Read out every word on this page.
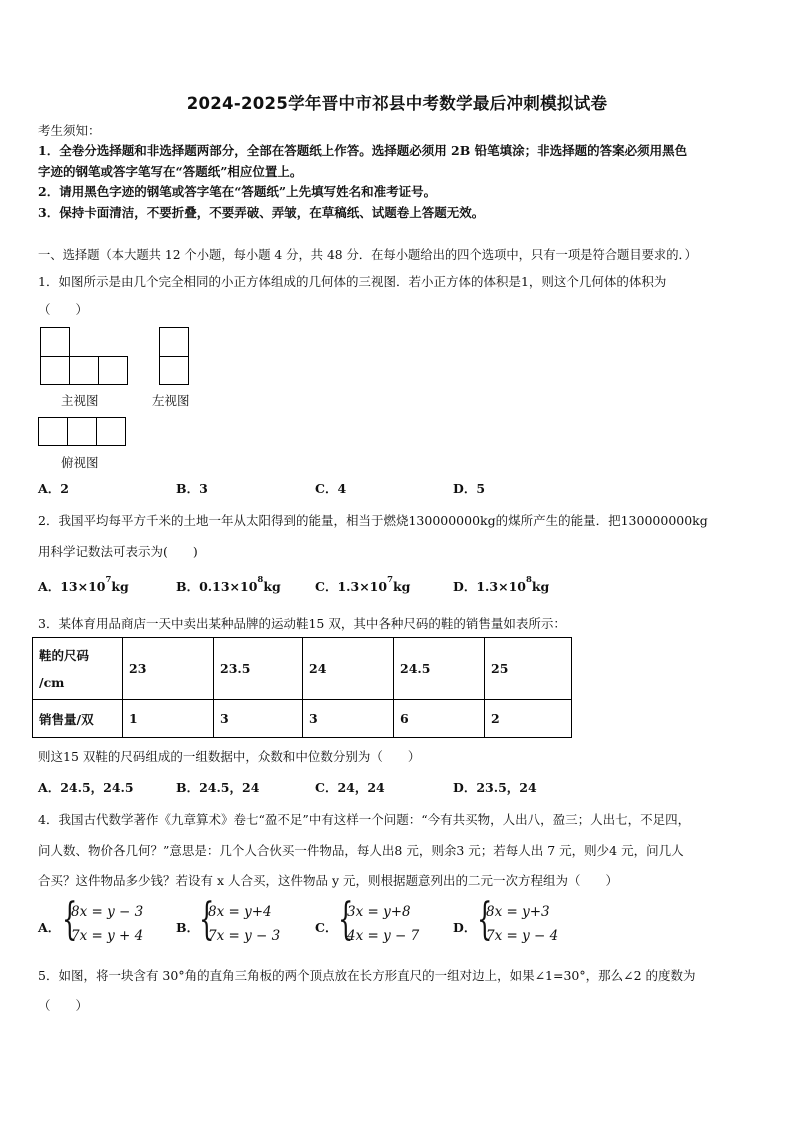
2024-2025学年晋中市祁县中考数学最后冲刺模拟试卷
考生须知：
1．全卷分选择题和非选择题两部分，全部在答题纸上作答。选择题必须用 2B 铅笔填涂；非选择题的答案必须用黑色
字迹的钢笔或答字笔写在“答题纸”相应位置上。
2．请用黑色字迹的钢笔或答字笔在“答题纸”上先填写姓名和准考证号。
3．保持卡面清洁，不要折叠，不要弄破、弄皱，在草稿纸、试题卷上答题无效。
一、选择题（本大题共 12 个小题，每小题 4 分，共 48 分．在每小题给出的四个选项中，只有一项是符合题目要求的．）
1．如图所示是由几个完全相同的小正方体组成的几何体的三视图．若小正方体的体积是1，则这个几何体的体积为
（　　）
主视图	左视图
俯视图
A．2	B．3	C．4	D．5
2．我国平均每平方千米的土地一年从太阳得到的能量，相当于燃烧130000000kg的煤所产生的能量．把130000000kg
用科学记数法可表示为(　　)
A．$13\times 10^7kg$	B．$0.13\times 10^8kg$	C．$1.3\times 10^7kg$	D．$1.3\times 10^8kg$
3．某体育用品商店一天中卖出某种品牌的运动鞋15 双，其中各种尺码的鞋的销售量如表所示：
鞋的尺码
/cm	23	23.5	24	24.5	25
销售量/双	1	3	3	6	2
则这15 双鞋的尺码组成的一组数据中，众数和中位数分别为（　　）
A．24.5，24.5	B．24.5，24	C．24，24	D．23.5，24
4．我国古代数学著作《九章算术》卷七“盈不足”中有这样一个问题：“今有共买物，人出八，盈三；人出七，不足四，
问人数、物价各几何？”意思是：几个人合伙买一件物品，每人出8 元，则余3 元；若每人出 7 元，则少4 元，问几人
合买？这件物品多少钱？若设有 x 人合买，这件物品 y 元，则根据题意列出的二元一次方程组为（　　）
A． {
8x = y − 3
7x = y + 4
B． {
8x = y+4
7x = y − 3
C． {
3x = y+8
4x = y − 7
D． {
8x = y+3
7x = y − 4
5．如图，将一块含有 30°角的直角三角板的两个顶点放在长方形直尺的一组对边上，如果∠1=30°，那么∠2 的度数为
（　　）
